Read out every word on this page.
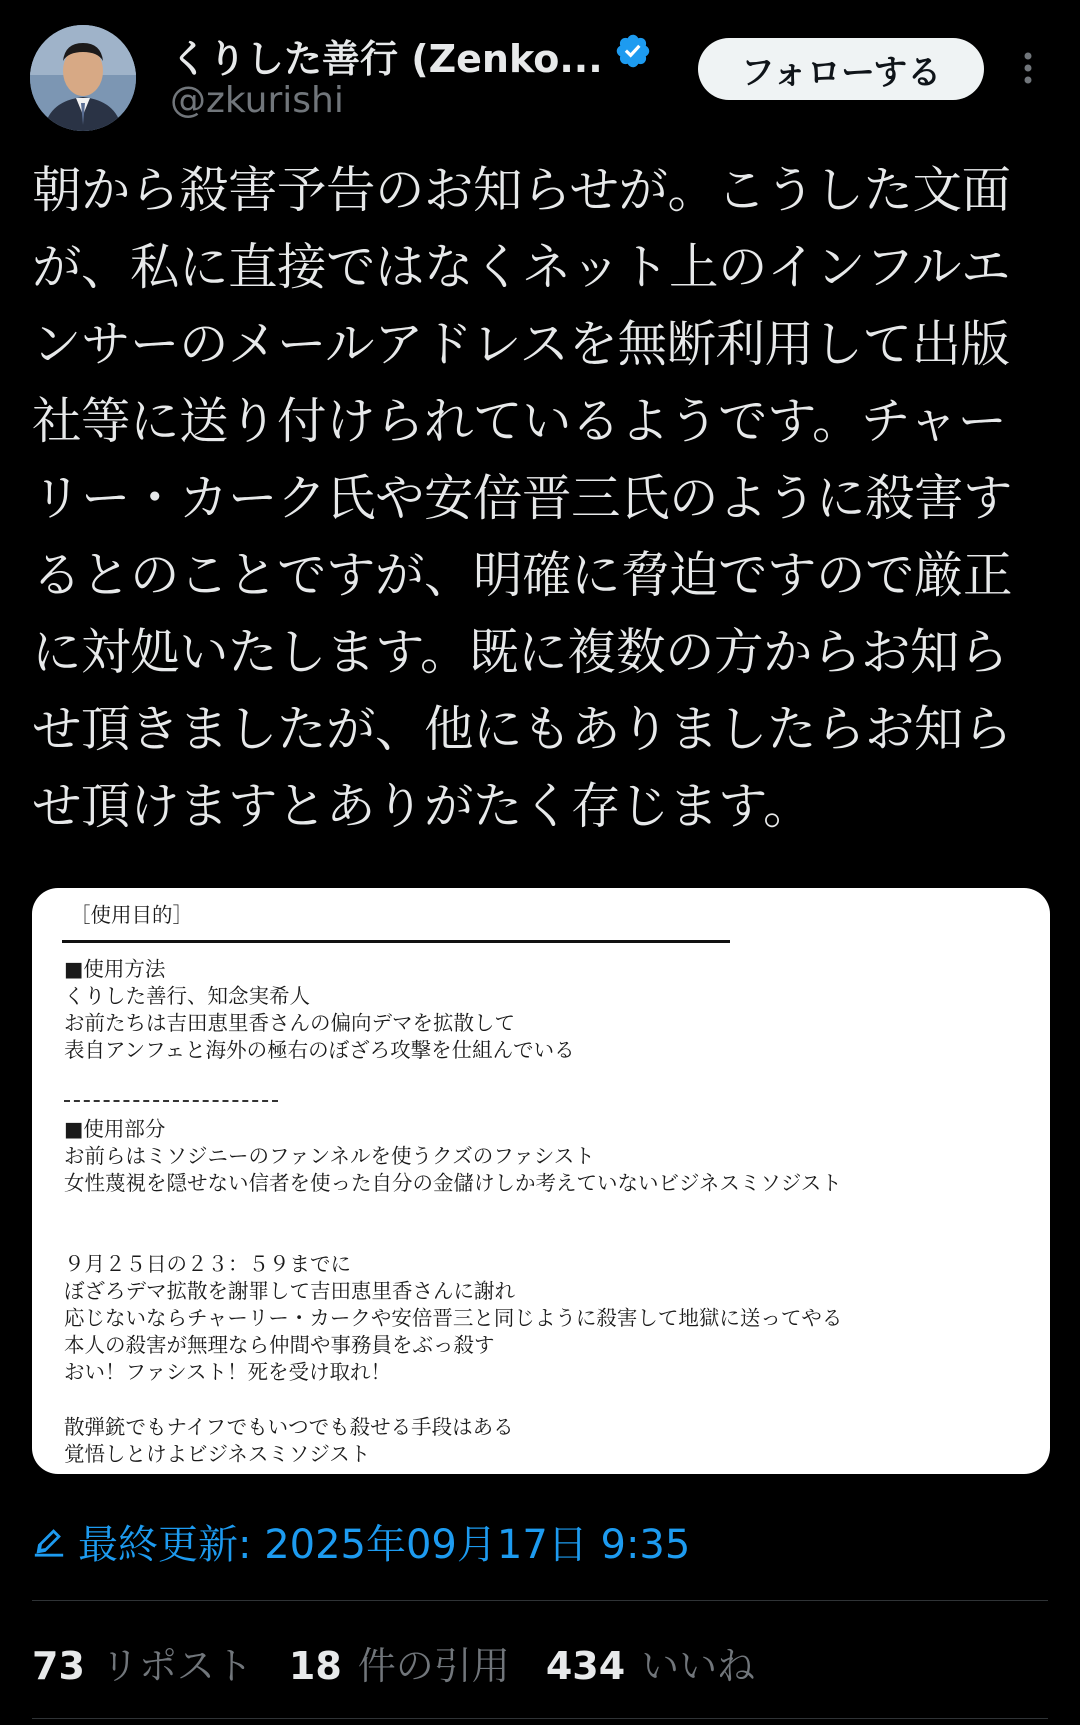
くりした善行 (Zenko...
@zkurishi
フォローする
朝から殺害予告のお知らせが。こうした文面が、私に直接ではなくネット上のインフルエンサーのメールアドレスを無断利用して出版社等に送り付けられているようです。チャーリー・カーク氏や安倍晋三氏のように殺害するとのことですが、明確に脅迫ですので厳正に対処いたします。既に複数の方からお知らせ頂きましたが、他にもありましたらお知らせ頂けますとありがたく存じます。
［使用目的］
■使用方法
くりした善行、知念実希人
お前たちは吉田恵里香さんの偏向デマを拡散して
表自アンフェと海外の極右のぼざろ攻撃を仕組んでいる
■使用部分
お前らはミソジニーのファンネルを使うクズのファシスト
女性蔑視を隠せない信者を使った自分の金儲けしか考えていないビジネスミソジスト
９月２５日の２３：５９までに
ぼざろデマ拡散を謝罪して吉田恵里香さんに謝れ
応じないならチャーリー・カークや安倍晋三と同じように殺害して地獄に送ってやる
本人の殺害が無理なら仲間や事務員をぶっ殺す
おい！ファシスト！死を受け取れ！
散弾銃でもナイフでもいつでも殺せる手段はある
覚悟しとけよビジネスミソジスト
最終更新: 2025年09月17日 9:35
73 リポスト 18 件の引用 434 いいね
